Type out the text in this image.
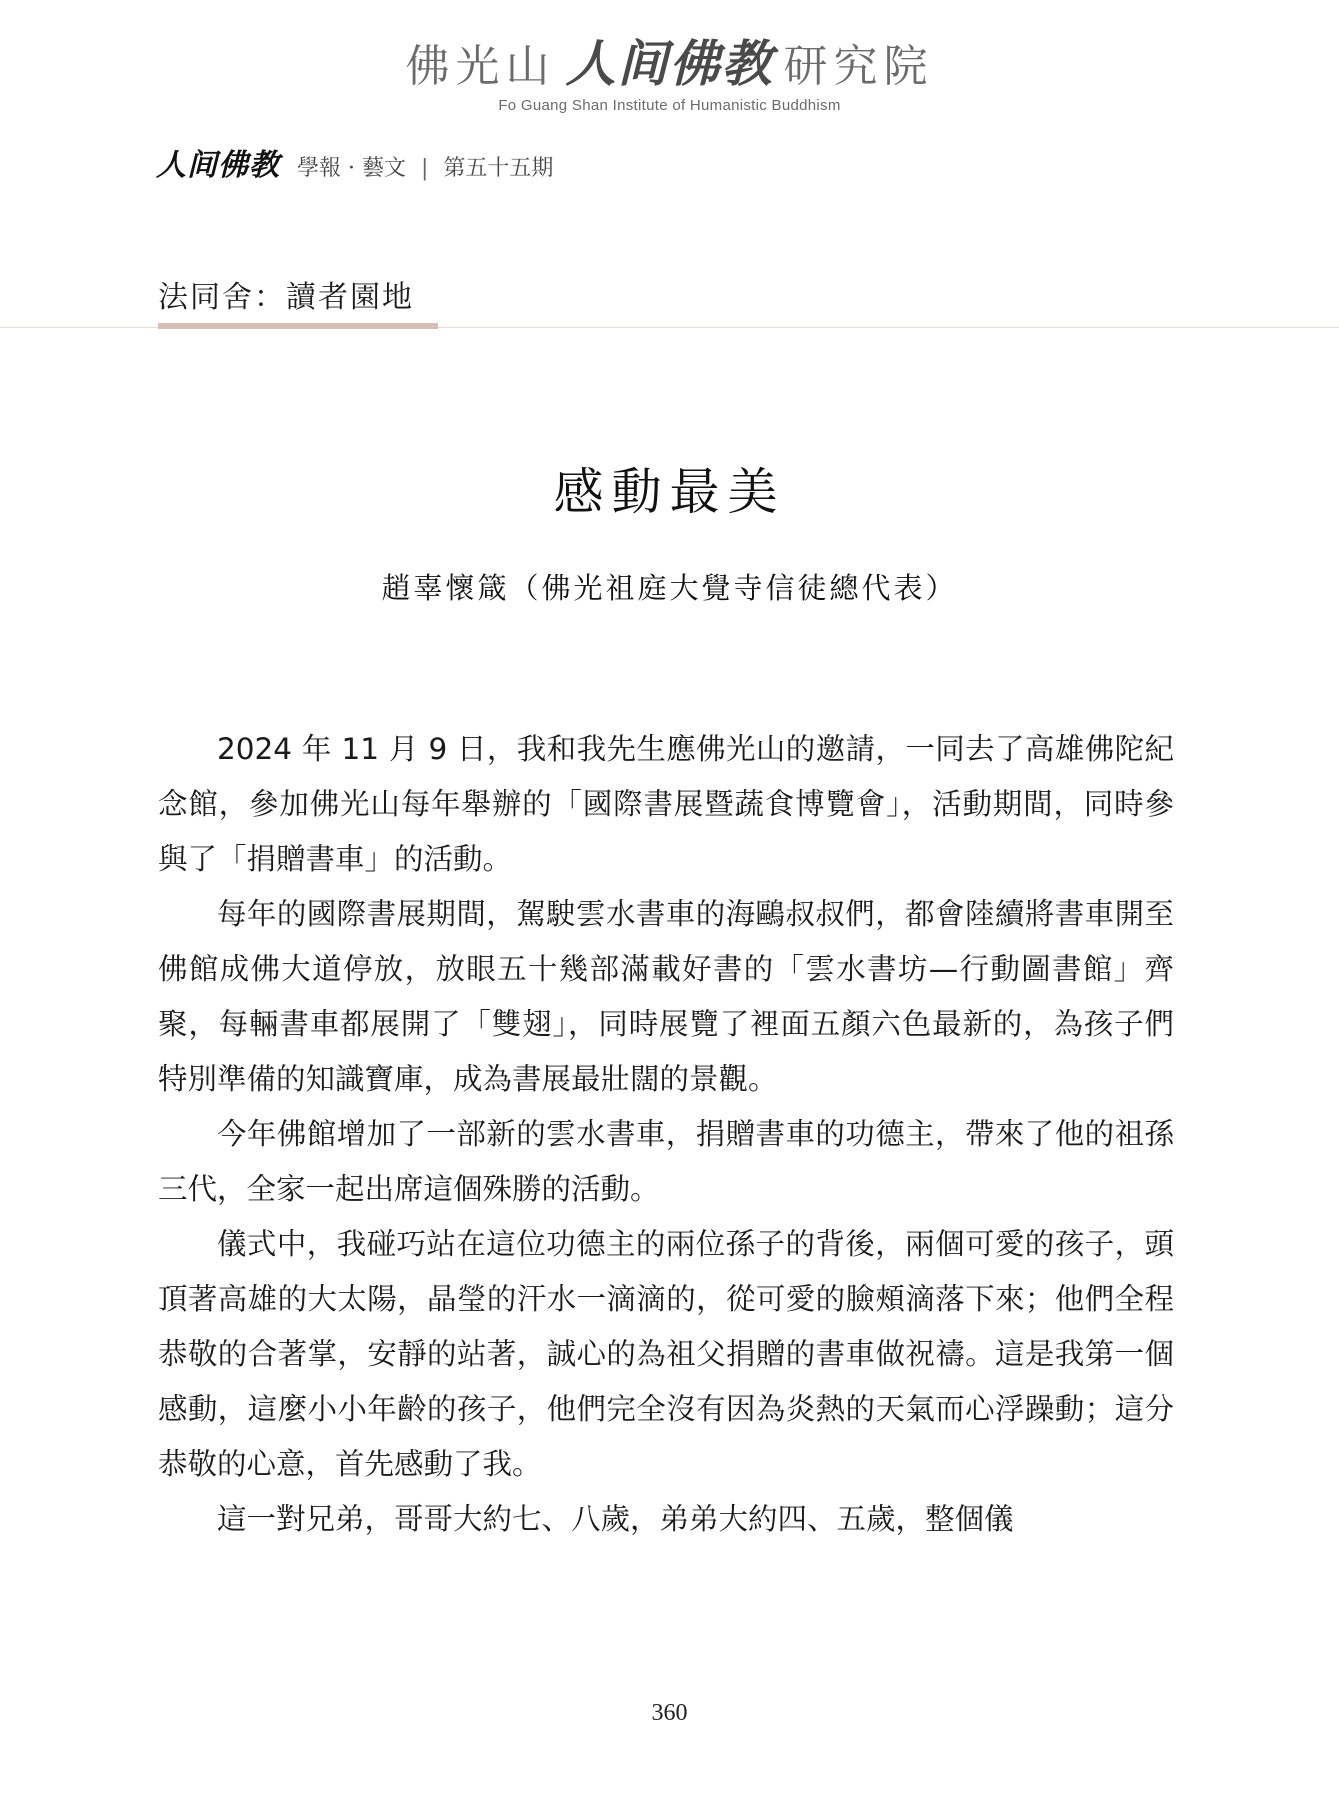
佛光山 人间佛教 研究院
Fo Guang Shan Institute of Humanistic Buddhism
人间佛教 學報 · 藝文 | 第五十五期
法同舍：讀者園地
感動最美
趙辜懷箴（佛光祖庭大覺寺信徒總代表）

2024 年 11 月 9 日，我和我先生應佛光山的邀請，一同去了高雄佛陀紀念館，參加佛光山每年舉辦的「國際書展暨蔬食博覽會」，活動期間，同時參與了「捐贈書車」的活動。

每年的國際書展期間，駕駛雲水書車的海鷗叔叔們，都會陸續將書車開至佛館成佛大道停放，放眼五十幾部滿載好書的「雲水書坊—行動圖書館」齊聚，每輛書車都展開了「雙翅」，同時展覽了裡面五顏六色最新的，為孩子們特別準備的知識寶庫，成為書展最壯闊的景觀。

今年佛館增加了一部新的雲水書車，捐贈書車的功德主，帶來了他的祖孫三代，全家一起出席這個殊勝的活動。

儀式中，我碰巧站在這位功德主的兩位孫子的背後，兩個可愛的孩子，頭頂著高雄的大太陽，晶瑩的汗水一滴滴的，從可愛的臉頰滴落下來；他們全程恭敬的合著掌，安靜的站著，誠心的為祖父捐贈的書車做祝禱。這是我第一個感動，這麼小小年齡的孩子，他們完全沒有因為炎熱的天氣而心浮躁動；這分恭敬的心意，首先感動了我。

這一對兄弟，哥哥大約七、八歲，弟弟大約四、五歲，整個儀

360
